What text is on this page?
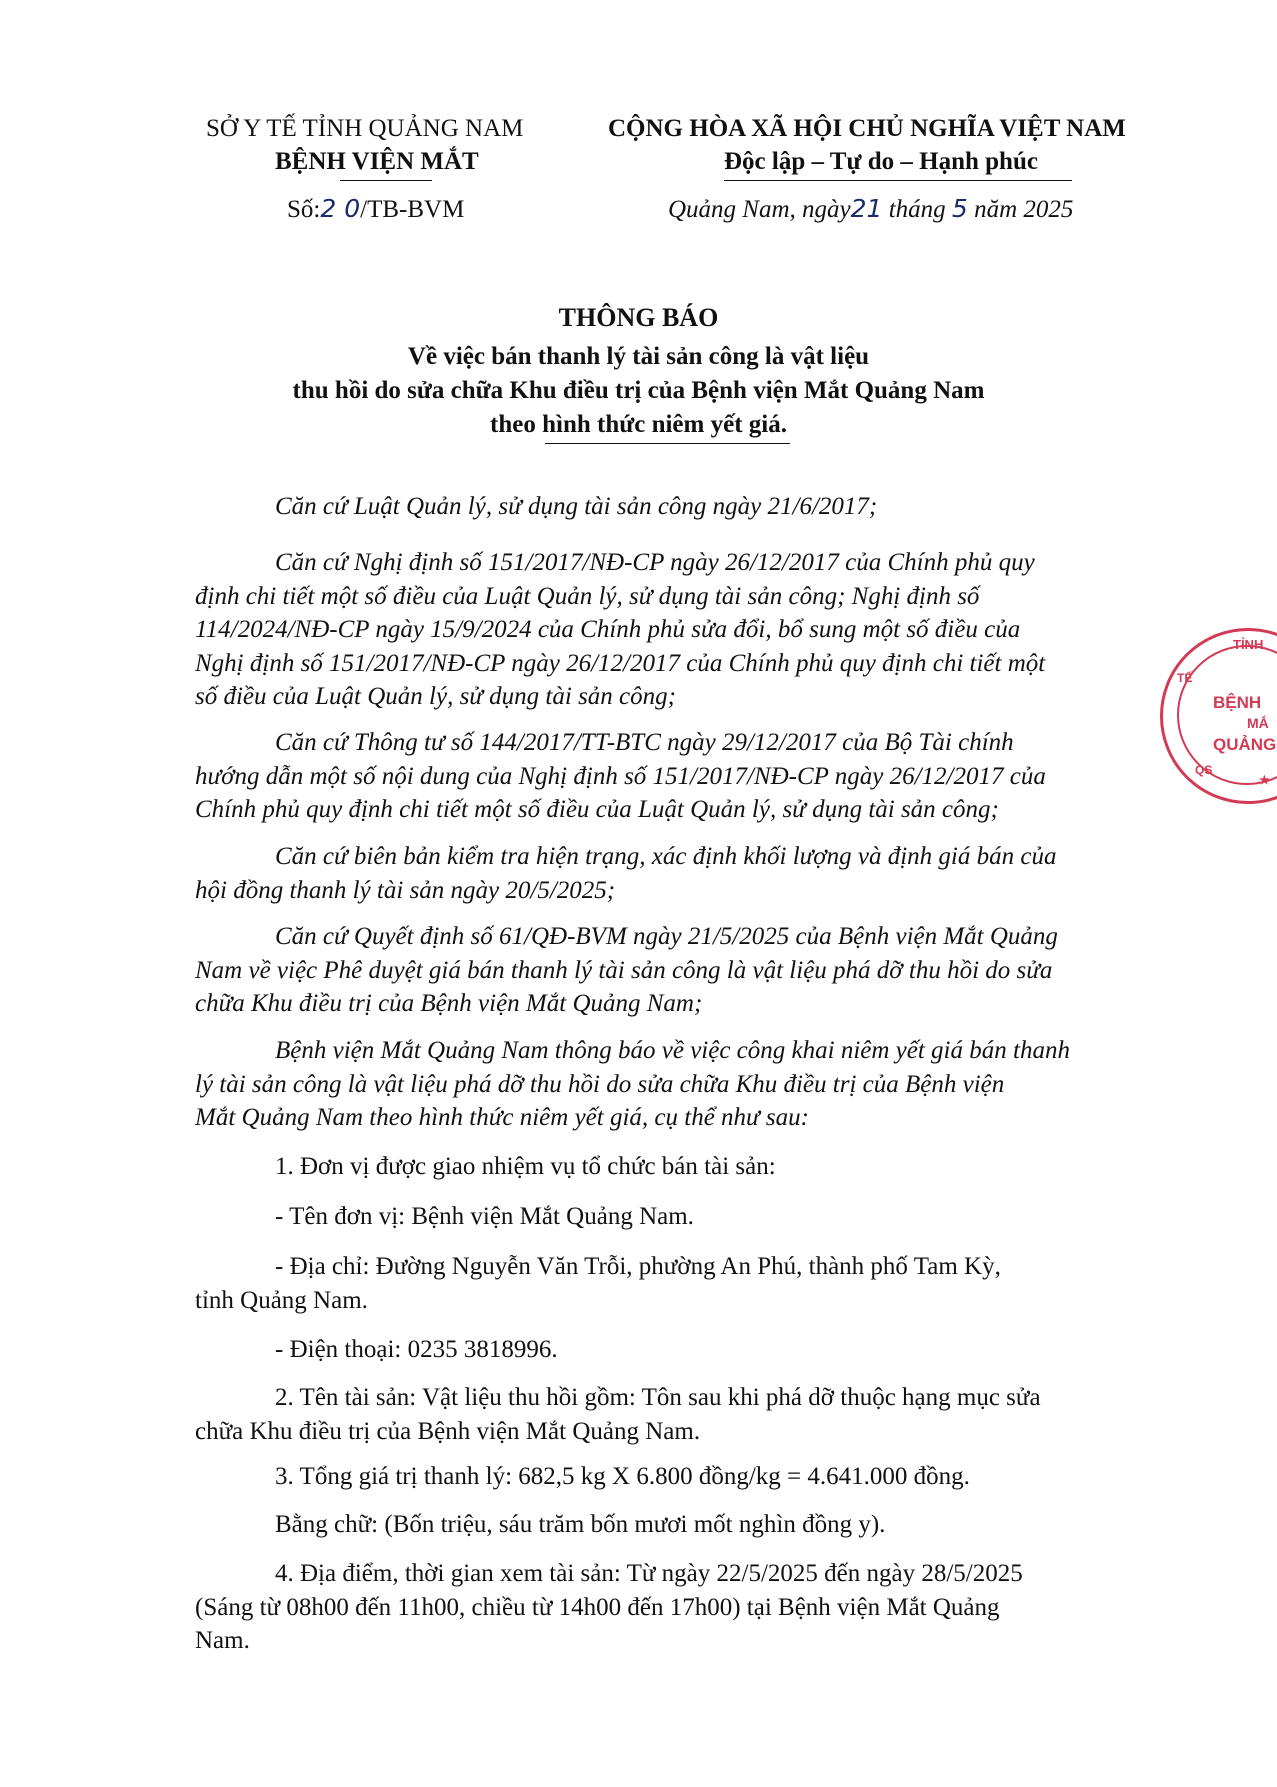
SỞ Y TẾ TỈNH QUẢNG NAM
BỆNH VIỆN MẮT
Số:2 0/TB-BVM
CỘNG HÒA XÃ HỘI CHỦ NGHĨA VIỆT NAM
Độc lập – Tự do – Hạnh phúc
Quảng Nam, ngày21 tháng 5 năm 2025
THÔNG BÁO
Về việc bán thanh lý tài sản công là vật liệu
thu hồi do sửa chữa Khu điều trị của Bệnh viện Mắt Quảng Nam
theo hình thức niêm yết giá.
Căn cứ Luật Quản lý, sử dụng tài sản công ngày 21/6/2017;
Căn cứ Nghị định số 151/2017/NĐ-CP ngày 26/12/2017 của Chính phủ quy
định chi tiết một số điều của Luật Quản lý, sử dụng tài sản công; Nghị định số
114/2024/NĐ-CP ngày 15/9/2024 của Chính phủ sửa đổi, bổ sung một số điều của
Nghị định số 151/2017/NĐ-CP ngày 26/12/2017 của Chính phủ quy định chi tiết một
số điều của Luật Quản lý, sử dụng tài sản công;
Căn cứ Thông tư số 144/2017/TT-BTC ngày 29/12/2017 của Bộ Tài chính
hướng dẫn một số nội dung của Nghị định số 151/2017/NĐ-CP ngày 26/12/2017 của
Chính phủ quy định chi tiết một số điều của Luật Quản lý, sử dụng tài sản công;
Căn cứ biên bản kiểm tra hiện trạng, xác định khối lượng và định giá bán của
hội đồng thanh lý tài sản ngày 20/5/2025;
Căn cứ Quyết định số 61/QĐ-BVM ngày 21/5/2025 của Bệnh viện Mắt Quảng
Nam về việc Phê duyệt giá bán thanh lý tài sản công là vật liệu phá dỡ thu hồi do sửa
chữa Khu điều trị của Bệnh viện Mắt Quảng Nam;
Bệnh viện Mắt Quảng Nam thông báo về việc công khai niêm yết giá bán thanh
lý tài sản công là vật liệu phá dỡ thu hồi do sửa chữa Khu điều trị của Bệnh viện
Mắt Quảng Nam theo hình thức niêm yết giá, cụ thể như sau:
1. Đơn vị được giao nhiệm vụ tổ chức bán tài sản:
- Tên đơn vị: Bệnh viện Mắt Quảng Nam.
- Địa chỉ: Đường Nguyễn Văn Trỗi, phường An Phú, thành phố Tam Kỳ,
tỉnh Quảng Nam.
- Điện thoại: 0235 3818996.
2. Tên tài sản: Vật liệu thu hồi gồm: Tôn sau khi phá dỡ thuộc hạng mục sửa
chữa Khu điều trị của Bệnh viện Mắt Quảng Nam.
3. Tổng giá trị thanh lý: 682,5 kg X 6.800 đồng/kg = 4.641.000 đồng.
Bằng chữ: (Bốn triệu, sáu trăm bốn mươi mốt nghìn đồng y).
4. Địa điểm, thời gian xem tài sản: Từ ngày 22/5/2025 đến ngày 28/5/2025
(Sáng từ 08h00 đến 11h00, chiều từ 14h00 đến 17h00) tại Bệnh viện Mắt Quảng
Nam.
TỈNH
TẾ
BỆNH
MẮ
QUẢNG
QS
★
